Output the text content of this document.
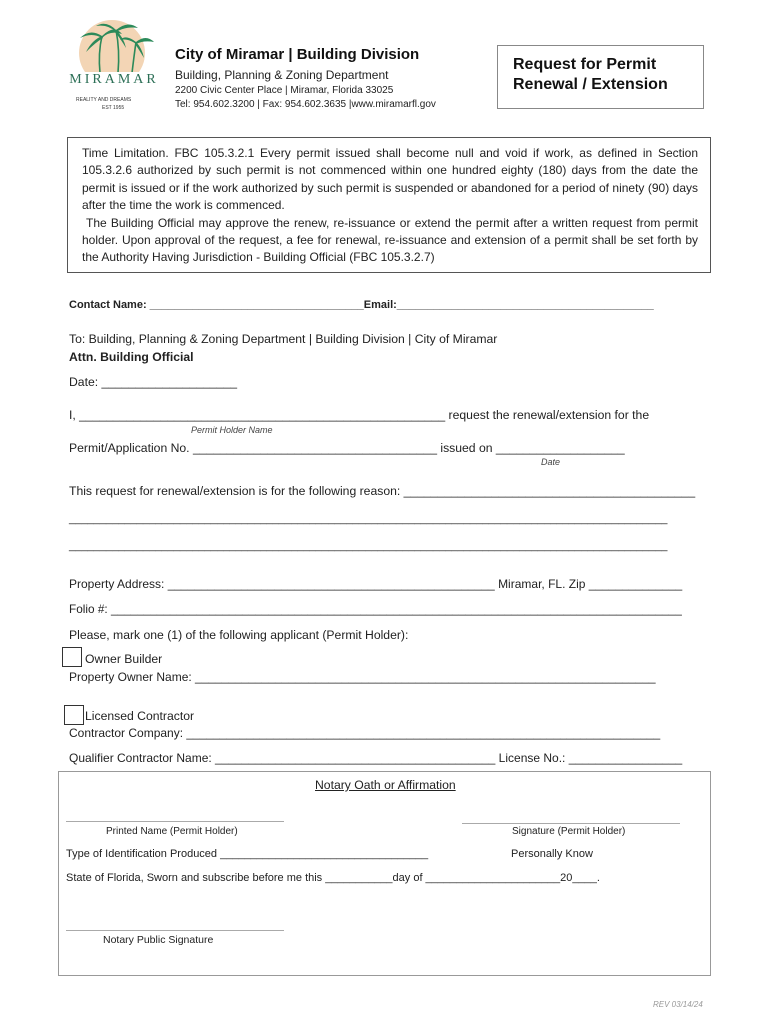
MIRAMAR
REALITY AND DREAMS
EST 1955
City of Miramar | Building Division
Building, Planning & Zoning Department
2200 Civic Center Place | Miramar, Florida 33025
Tel: 954.602.3200 | Fax: 954.602.3635 |www.miramarfl.gov
Request for Permit
Renewal / Extension

Time Limitation. FBC 105.3.2.1 Every permit issued shall become null and void if work, as defined in Section 105.3.2.6 authorized by such permit is not commenced within one hundred eighty (180) days from the date the permit is issued or if the work authorized by such permit is suspended or abandoned for a period of ninety (90) days after the time the work is commenced.

The Building Official may approve the renew, re-issuance or extend the permit after a written request from permit holder. Upon approval of the request, a fee for renewal, re-issuance and extension of a permit shall be set forth by the Authority Having Jurisdiction - Building Official (FBC 105.3.2.7)

Contact Name: ___________________________________Email:__________________________________________
To: Building, Planning & Zoning Department | Building Division | City of Miramar
Attn. Building Official
Date: ____________________
I, ______________________________________________________ request the renewal/extension for the
Permit Holder Name
Permit/Application No. ____________________________________ issued on ___________________
Date
This request for renewal/extension is for the following reason: ___________________________________________
_________________________________________________________________________________________________
_________________________________________________________________________________________________
Property Address: _________________________________________________ Miramar, FL. Zip ______________
Folio #: _______________________________________________________________________________________
Please, mark one (1) of the following applicant (Permit Holder):
Owner Builder
Property Owner Name: _____________________________________________________________________
Licensed Contractor
Contractor Company: _______________________________________________________________________
Qualifier Contractor Name: __________________________________________ License No.: _________________
Notary Oath or Affirmation
Printed Name (Permit Holder)	Signature (Permit Holder)
Type of Identification Produced __________________________________	Personally Know
State of Florida, Sworn and subscribe before me this ___________day of ______________________20____.
Notary Public Signature
REV 03/14/24
